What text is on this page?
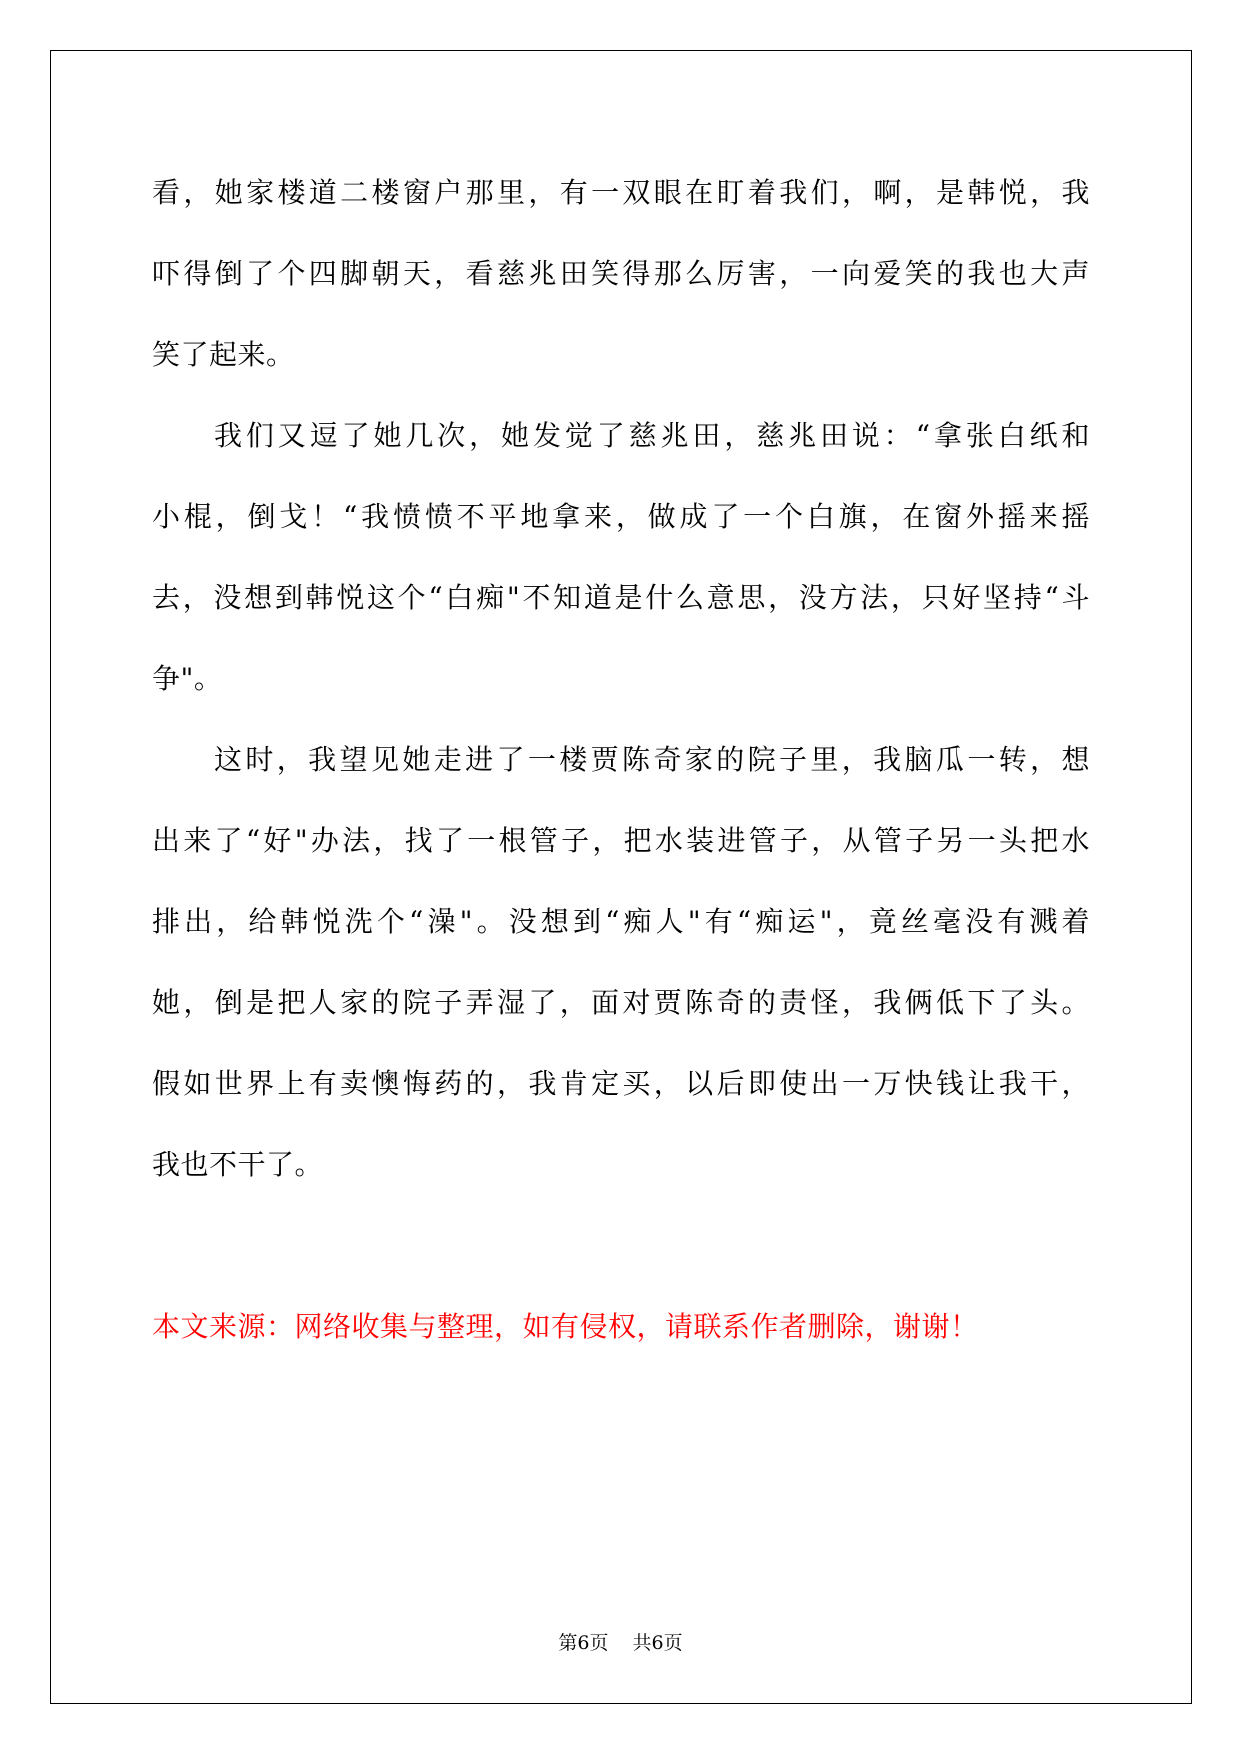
看，她家楼道二楼窗户那里，有一双眼在盯着我们，啊，是韩悦，我
吓得倒了个四脚朝天，看慈兆田笑得那么厉害，一向爱笑的我也大声
笑了起来。
我们又逗了她几次，她发觉了慈兆田，慈兆田说：“拿张白纸和
小棍，倒戈！“我愤愤不平地拿来，做成了一个白旗，在窗外摇来摇
去，没想到韩悦这个“白痴"不知道是什么意思，没方法，只好坚持“斗
争"。
这时，我望见她走进了一楼贾陈奇家的院子里，我脑瓜一转，想
出来了“好"办法，找了一根管子，把水装进管子，从管子另一头把水
排出，给韩悦洗个“澡"。没想到“痴人"有“痴运"，竟丝毫没有溅着
她，倒是把人家的院子弄湿了，面对贾陈奇的责怪，我俩低下了头。
假如世界上有卖懊悔药的，我肯定买，以后即使出一万快钱让我干，
我也不干了。
本文来源：网络收集与整理，如有侵权，请联系作者删除，谢谢！
第6页 共6页
